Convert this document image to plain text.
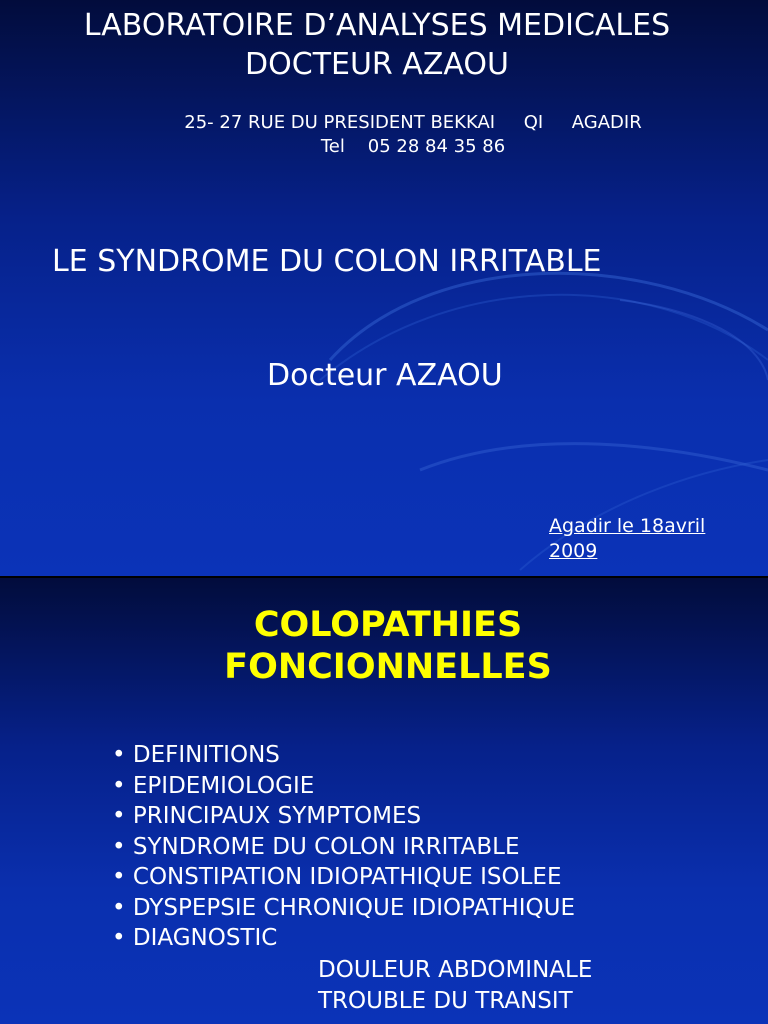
LABORATOIRE D’ANALYSES MEDICALES
DOCTEUR AZAOU
25- 27 RUE DU PRESIDENT BEKKAI     QI     AGADIR
Tel    05 28 84 35 86
LE SYNDROME DU COLON IRRITABLE
Docteur AZAOU
Agadir le 18avril
2009
COLOPATHIES
FONCIONNELLES
• DEFINITIONS
• EPIDEMIOLOGIE
• PRINCIPAUX SYMPTOMES
• SYNDROME DU COLON IRRITABLE
• CONSTIPATION IDIOPATHIQUE ISOLEE
• DYSPEPSIE CHRONIQUE IDIOPATHIQUE
• DIAGNOSTIC
DOULEUR ABDOMINALE
TROUBLE DU TRANSIT
